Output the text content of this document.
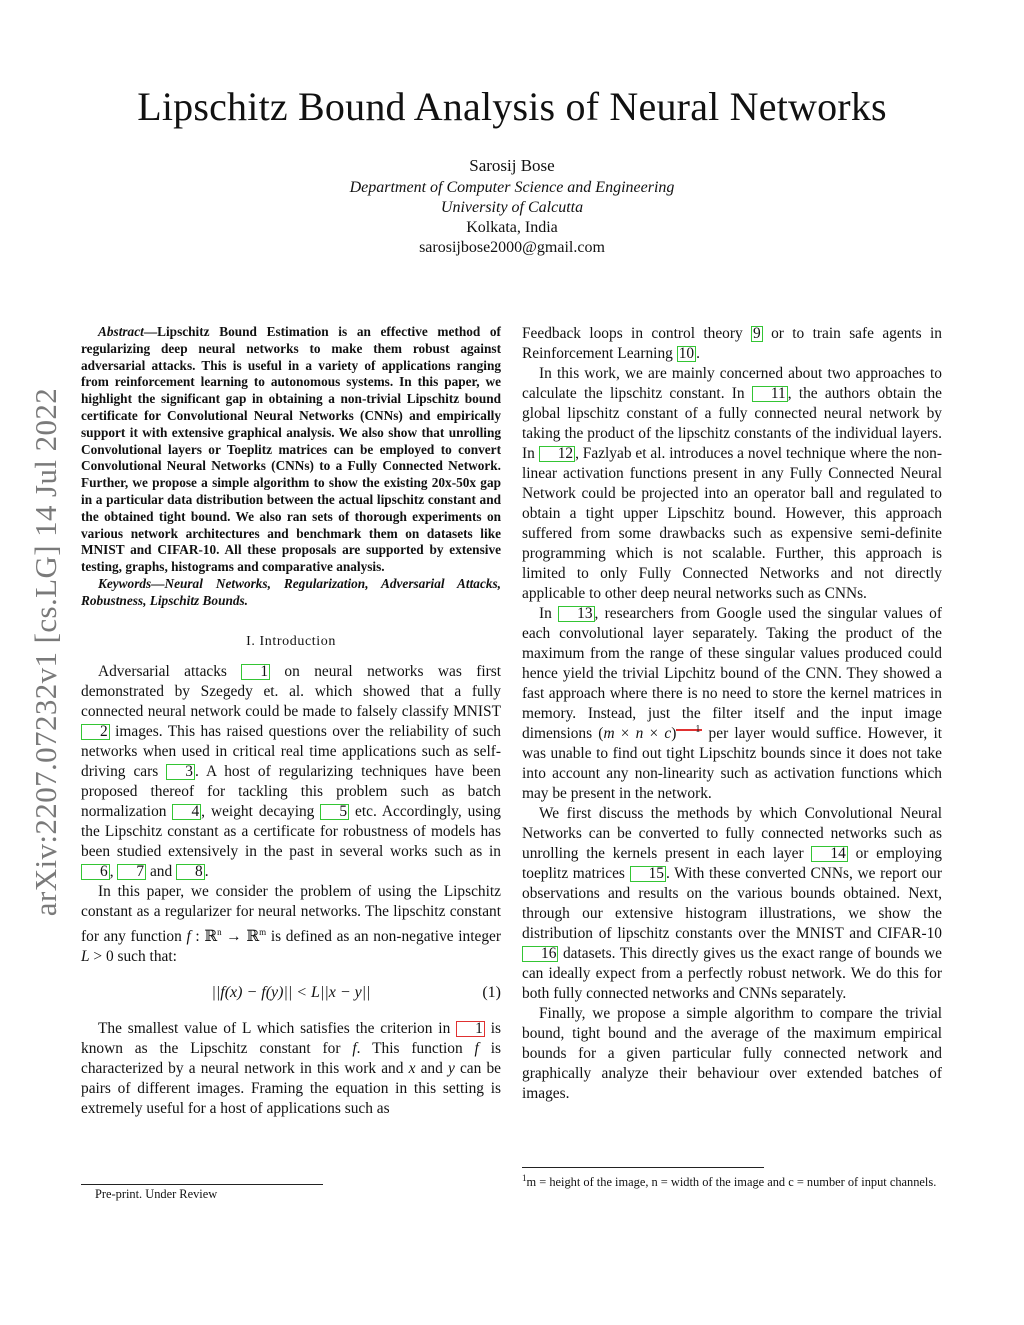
Lipschitz Bound Analysis of Neural Networks
Sarosij Bose
Department of Computer Science and Engineering
University of Calcutta
Kolkata, India
sarosijbose2000@gmail.com
arXiv:2207.07232v1 [cs.LG] 14 Jul 2022

Abstract—Lipschitz Bound Estimation is an effective method of regularizing deep neural networks to make them robust against adversarial attacks. This is useful in a variety of applications ranging from reinforcement learning to autonomous systems. In this paper, we highlight the significant gap in obtaining a non-trivial Lipschitz bound certificate for Convolutional Neural Networks (CNNs) and empirically support it with extensive graphical analysis. We also show that unrolling Convolutional layers or Toeplitz matrices can be employed to convert Convolutional Neural Networks (CNNs) to a Fully Connected Network. Further, we propose a simple algorithm to show the existing 20x-50x gap in a particular data distribution between the actual lipschitz constant and the obtained tight bound. We also ran sets of thorough experiments on various network architectures and benchmark them on datasets like MNIST and CIFAR-10. All these proposals are supported by extensive testing, graphs, histograms and comparative analysis.

Keywords—Neural Networks, Regularization, Adversarial Attacks, Robustness, Lipschitz Bounds.

I. Introduction

Adversarial attacks 1 on neural networks was first demonstrated by Szegedy et. al. which showed that a fully connected neural network could be made to falsely classify MNIST 2 images. This has raised questions over the reliability of such networks when used in critical real time applications such as self-driving cars 3 . A host of regularizing techniques have been proposed thereof for tackling this problem such as batch normalization 4 , weight decaying 5 etc. Accordingly, using the Lipschitz constant as a certificate for robustness of models has been studied extensively in the past in several works such as in 6 , 7 and 8 .

In this paper, we consider the problem of using the Lipschitz constant as a regularizer for neural networks. The lipschitz constant for any function f : ℝ$^n$ → ℝ$^m$ is defined as an non-negative integer L > 0 such that:

||f(x) − f(y)|| < L||x − y||	(1)

The smallest value of L which satisfies the criterion in 1 is known as the Lipschitz constant for f. This function f is characterized by a neural network in this work and x and y can be pairs of different images. Framing the equation in this setting is extremely useful for a host of applications such as

Feedback loops in control theory 9 or to train safe agents in Reinforcement Learning 10 .

In this work, we are mainly concerned about two approaches to calculate the lipschitz constant. In 11 , the authors obtain the global lipschitz constant of a fully connected neural network by taking the product of the lipschitz constants of the individual layers. In 12 , Fazlyab et al. introduces a novel technique where the non-linear activation functions present in any Fully Connected Neural Network could be projected into an operator ball and regulated to obtain a tight upper Lipschitz bound. However, this approach suffered from some drawbacks such as expensive semi-definite programming which is not scalable. Further, this approach is limited to only Fully Connected Networks and not directly applicable to other deep neural networks such as CNNs.

In 13 , researchers from Google used the singular values of each convolutional layer separately. Taking the product of the maximum from the range of these singular values produced could hence yield the trivial Lipchitz bound of the CNN. They showed a fast approach where there is no need to store the kernel matrices in memory. Instead, just the filter itself and the input image dimensions (m × n × c) 1 per layer would suffice. However, it was unable to find out tight Lipschitz bounds since it does not take into account any non-linearity such as activation functions which may be present in the network.

We first discuss the methods by which Convolutional Neural Networks can be converted to fully connected networks such as unrolling the kernels present in each layer 14 or employing toeplitz matrices 15 . With these converted CNNs, we report our observations and results on the various bounds obtained. Next, through our extensive histogram illustrations, we show the distribution of lipschitz constants over the MNIST and CIFAR-10 16 datasets. This directly gives us the exact range of bounds we can ideally expect from a perfectly robust network. We do this for both fully connected networks and CNNs separately.

Finally, we propose a simple algorithm to compare the trivial bound, tight bound and the average of the maximum empirical bounds for a given particular fully connected network and graphically analyze their behaviour over extended batches of images.

Pre-print. Under Review
$^1$m = height of the image, n = width of the image and c = number of input channels.
